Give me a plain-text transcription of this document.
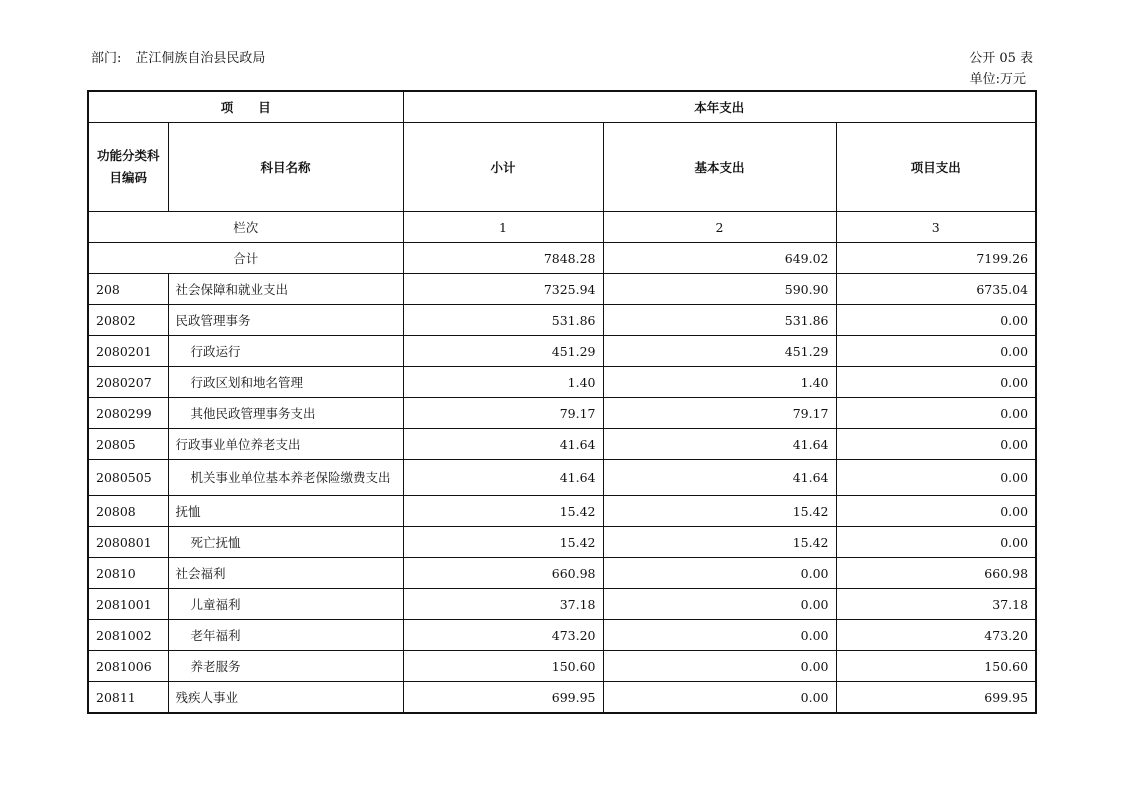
部门: 芷江侗族自治县民政局	公开 05 表
单位:万元
项　　目		本年支出		
功能分类科目编码	科目名称	小计	基本支出	项目支出
栏次		1	2	3
合计		7848.28	649.02	7199.26
208	社会保障和就业支出	7325.94	590.90	6735.04
20802	民政管理事务	531.86	531.86	0.00
2080201	行政运行	451.29	451.29	0.00
2080207	行政区划和地名管理	1.40	1.40	0.00
2080299	其他民政管理事务支出	79.17	79.17	0.00
20805	行政事业单位养老支出	41.64	41.64	0.00
2080505	机关事业单位基本养老保险缴费支出	41.64	41.64	0.00
20808	抚恤	15.42	15.42	0.00
2080801	死亡抚恤	15.42	15.42	0.00
20810	社会福利	660.98	0.00	660.98
2081001	儿童福利	37.18	0.00	37.18
2081002	老年福利	473.20	0.00	473.20
2081006	养老服务	150.60	0.00	150.60
20811	残疾人事业	699.95	0.00	699.95
